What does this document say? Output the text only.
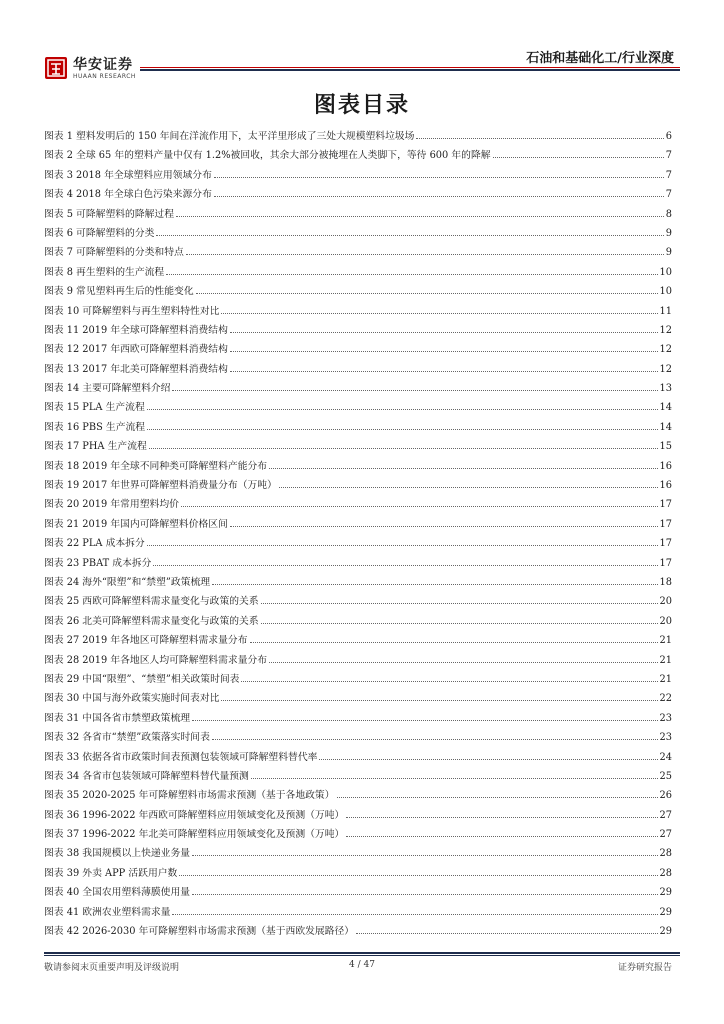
华安证券
HUAAN RESEARCH
石油和基础化工/行业深度
图表目录
图表 1 塑料发明后的 150 年间在洋流作用下，太平洋里形成了三处大规模塑料垃圾场	6
图表 2 全球 65 年的塑料产量中仅有 1.2%被回收，其余大部分被掩埋在人类脚下，等待 600 年的降解	7
图表 3 2018 年全球塑料应用领域分布	7
图表 4 2018 年全球白色污染来源分布	7
图表 5 可降解塑料的降解过程	8
图表 6 可降解塑料的分类	9
图表 7 可降解塑料的分类和特点	9
图表 8 再生塑料的生产流程	10
图表 9 常见塑料再生后的性能变化	10
图表 10 可降解塑料与再生塑料特性对比	11
图表 11 2019 年全球可降解塑料消费结构	12
图表 12 2017 年西欧可降解塑料消费结构	12
图表 13 2017 年北美可降解塑料消费结构	12
图表 14 主要可降解塑料介绍	13
图表 15 PLA 生产流程	14
图表 16 PBS 生产流程	14
图表 17 PHA 生产流程	15
图表 18 2019 年全球不同种类可降解塑料产能分布	16
图表 19 2017 年世界可降解塑料消费量分布（万吨）	16
图表 20 2019 年常用塑料均价	17
图表 21 2019 年国内可降解塑料价格区间	17
图表 22 PLA 成本拆分	17
图表 23 PBAT 成本拆分	17
图表 24 海外“限塑”和“禁塑”政策梳理	18
图表 25 西欧可降解塑料需求量变化与政策的关系	20
图表 26 北美可降解塑料需求量变化与政策的关系	20
图表 27 2019 年各地区可降解塑料需求量分布	21
图表 28 2019 年各地区人均可降解塑料需求量分布	21
图表 29 中国“限塑”、“禁塑”相关政策时间表	21
图表 30 中国与海外政策实施时间表对比	22
图表 31 中国各省市禁塑政策梳理	23
图表 32 各省市“禁塑”政策落实时间表	23
图表 33 依据各省市政策时间表预测包装领域可降解塑料替代率	24
图表 34 各省市包装领域可降解塑料替代量预测	25
图表 35 2020-2025 年可降解塑料市场需求预测（基于各地政策）	26
图表 36 1996-2022 年西欧可降解塑料应用领域变化及预测（万吨）	27
图表 37 1996-2022 年北美可降解塑料应用领域变化及预测（万吨）	27
图表 38 我国规模以上快递业务量	28
图表 39 外卖 APP 活跃用户数	28
图表 40 全国农用塑料薄膜使用量	29
图表 41 欧洲农业塑料需求量	29
图表 42 2026-2030 年可降解塑料市场需求预测（基于西欧发展路径）	29
敬请参阅末页重要声明及评级说明	4 / 47	证券研究报告
